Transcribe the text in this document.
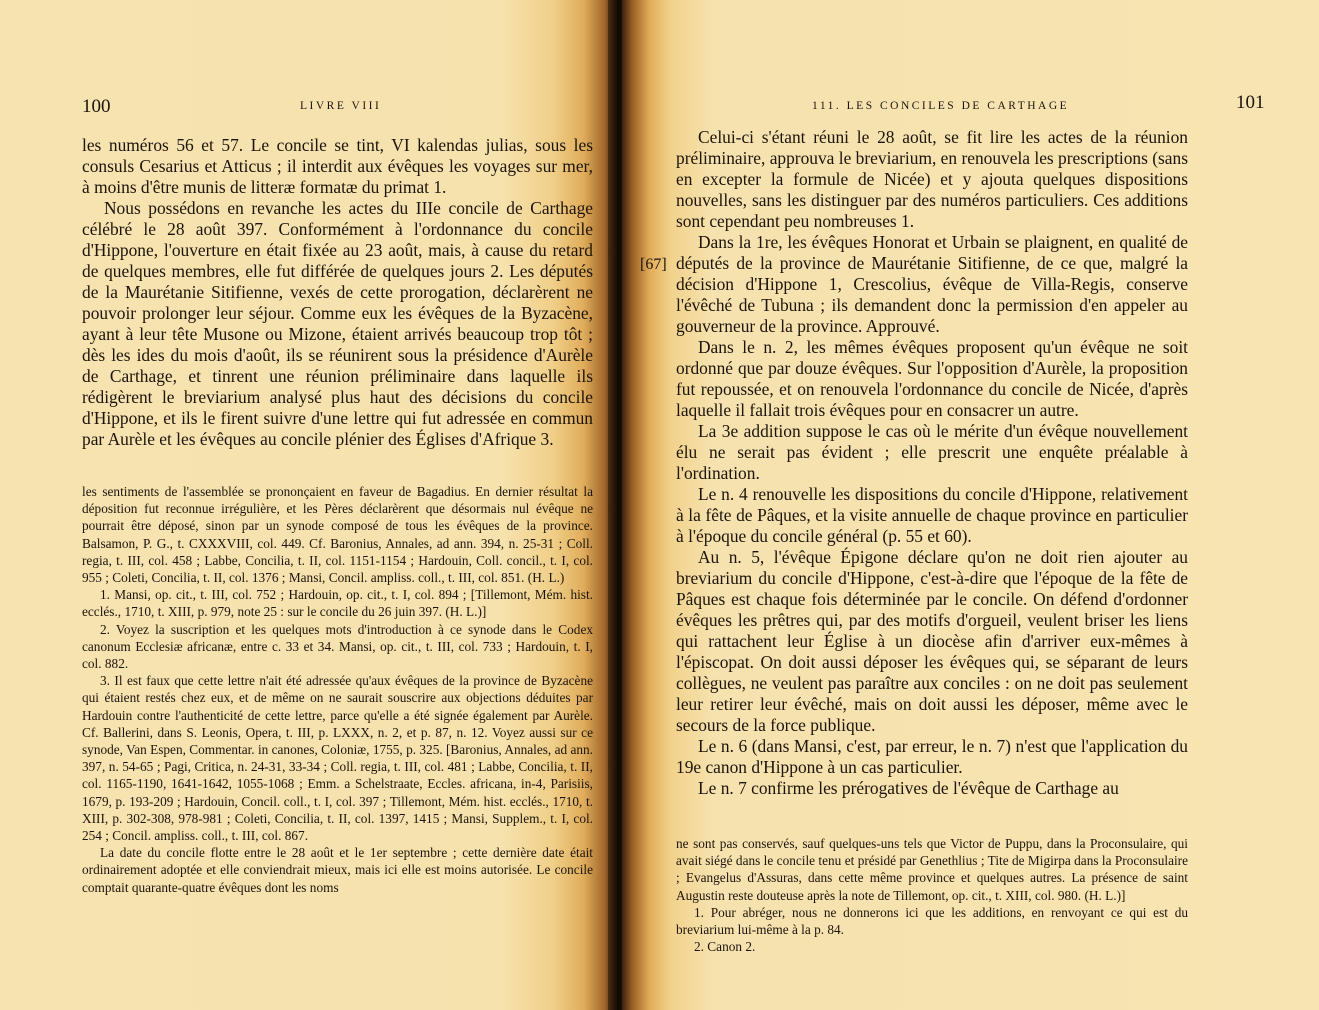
100	LIVRE VIII

les numéros 56 et 57. Le concile se tint, VI kalendas julias, sous les consuls Cesarius et Atticus ; il interdit aux évêques les voyages sur mer, à moins d'être munis de litteræ formatæ du primat 1.

Nous possédons en revanche les actes du IIIe concile de Carthage célébré le 28 août 397. Conformément à l'ordonnance du concile d'Hippone, l'ouverture en était fixée au 23 août, mais, à cause du retard de quelques membres, elle fut différée de quelques jours 2. Les députés de la Maurétanie Sitifienne, vexés de cette prorogation, déclarèrent ne pouvoir prolonger leur séjour. Comme eux les évêques de la Byzacène, ayant à leur tête Musone ou Mizone, étaient arrivés beaucoup trop tôt ; dès les ides du mois d'août, ils se réunirent sous la présidence d'Aurèle de Carthage, et tinrent une réunion préliminaire dans laquelle ils rédigèrent le breviarium analysé plus haut des décisions du concile d'Hippone, et ils le firent suivre d'une lettre qui fut adressée en commun par Aurèle et les évêques au concile plénier des Églises d'Afrique 3.

les sentiments de l'assemblée se prononçaient en faveur de Bagadius. En dernier résultat la déposition fut reconnue irrégulière, et les Pères déclarèrent que désormais nul évêque ne pourrait être déposé, sinon par un synode composé de tous les évêques de la province. Balsamon, P. G., t. CXXXVIII, col. 449. Cf. Baronius, Annales, ad ann. 394, n. 25-31 ; Coll. regia, t. III, col. 458 ; Labbe, Concilia, t. II, col. 1151-1154 ; Hardouin, Coll. concil., t. I, col. 955 ; Coleti, Concilia, t. II, col. 1376 ; Mansi, Concil. ampliss. coll., t. III, col. 851. (H. L.)

1. Mansi, op. cit., t. III, col. 752 ; Hardouin, op. cit., t. I, col. 894 ; [Tillemont, Mém. hist. ecclés., 1710, t. XIII, p. 979, note 25 : sur le concile du 26 juin 397. (H. L.)]

2. Voyez la suscription et les quelques mots d'introduction à ce synode dans le Codex canonum Ecclesiæ africanæ, entre c. 33 et 34. Mansi, op. cit., t. III, col. 733 ; Hardouin, t. I, col. 882.

3. Il est faux que cette lettre n'ait été adressée qu'aux évêques de la province de Byzacène qui étaient restés chez eux, et de même on ne saurait souscrire aux objections déduites par Hardouin contre l'authenticité de cette lettre, parce qu'elle a été signée également par Aurèle. Cf. Ballerini, dans S. Leonis, Opera, t. III, p. LXXX, n. 2, et p. 87, n. 12. Voyez aussi sur ce synode, Van Espen, Commentar. in canones, Coloniæ, 1755, p. 325. [Baronius, Annales, ad ann. 397, n. 54-65 ; Pagi, Critica, n. 24-31, 33-34 ; Coll. regia, t. III, col. 481 ; Labbe, Concilia, t. II, col. 1165-1190, 1641-1642, 1055-1068 ; Emm. a Schelstraate, Eccles. africana, in-4, Parisiis, 1679, p. 193-209 ; Hardouin, Concil. coll., t. I, col. 397 ; Tillemont, Mém. hist. ecclés., 1710, t. XIII, p. 302-308, 978-981 ; Coleti, Concilia, t. II, col. 1397, 1415 ; Mansi, Supplem., t. I, col. 254 ; Concil. ampliss. coll., t. III, col. 867.

La date du concile flotte entre le 28 août et le 1er septembre ; cette dernière date était ordinairement adoptée et elle conviendrait mieux, mais ici elle est moins autorisée. Le concile comptait quarante-quatre évêques dont les noms

111. LES CONCILES DE CARTHAGE	101

Celui-ci s'étant réuni le 28 août, se fit lire les actes de la réunion préliminaire, approuva le breviarium, en renouvela les prescriptions (sans en excepter la formule de Nicée) et y ajouta quelques dispositions nouvelles, sans les distinguer par des numéros particuliers. Ces additions sont cependant peu nombreuses 1.

Dans la 1re, les évêques Honorat et Urbain se plaignent, en qualité de députés de la province de Maurétanie Sitifienne, de ce que, malgré la décision d'Hippone 1, Crescolius, évêque de Villa-Regis, conserve l'évêché de Tubuna ; ils demandent donc la permission d'en appeler au gouverneur de la province. Approuvé.

Dans le n. 2, les mêmes évêques proposent qu'un évêque ne soit ordonné que par douze évêques. Sur l'opposition d'Aurèle, la proposition fut repoussée, et on renouvela l'ordonnance du concile de Nicée, d'après laquelle il fallait trois évêques pour en consacrer un autre.

La 3e addition suppose le cas où le mérite d'un évêque nouvellement élu ne serait pas évident ; elle prescrit une enquête préalable à l'ordination.

Le n. 4 renouvelle les dispositions du concile d'Hippone, relativement à la fête de Pâques, et la visite annuelle de chaque province en particulier à l'époque du concile général (p. 55 et 60).

Au n. 5, l'évêque Épigone déclare qu'on ne doit rien ajouter au breviarium du concile d'Hippone, c'est-à-dire que l'époque de la fête de Pâques est chaque fois déterminée par le concile. On défend d'ordonner évêques les prêtres qui, par des motifs d'orgueil, veulent briser les liens qui rattachent leur Église à un diocèse afin d'arriver eux-mêmes à l'épiscopat. On doit aussi déposer les évêques qui, se séparant de leurs collègues, ne veulent pas paraître aux conciles : on ne doit pas seulement leur retirer leur évêché, mais on doit aussi les déposer, même avec le secours de la force publique.

Le n. 6 (dans Mansi, c'est, par erreur, le n. 7) n'est que l'application du 19e canon d'Hippone à un cas particulier.

Le n. 7 confirme les prérogatives de l'évêque de Carthage au

ne sont pas conservés, sauf quelques-uns tels que Victor de Puppu, dans la Proconsulaire, qui avait siégé dans le concile tenu et présidé par Genethlius ; Tite de Migirpa dans la Proconsulaire ; Evangelus d'Assuras, dans cette même province et quelques autres. La présence de saint Augustin reste douteuse après la note de Tillemont, op. cit., t. XIII, col. 980. (H. L.)]

1. Pour abréger, nous ne donnerons ici que les additions, en renvoyant ce qui est du breviarium lui-même à la p. 84.

2. Canon 2.

[67]
